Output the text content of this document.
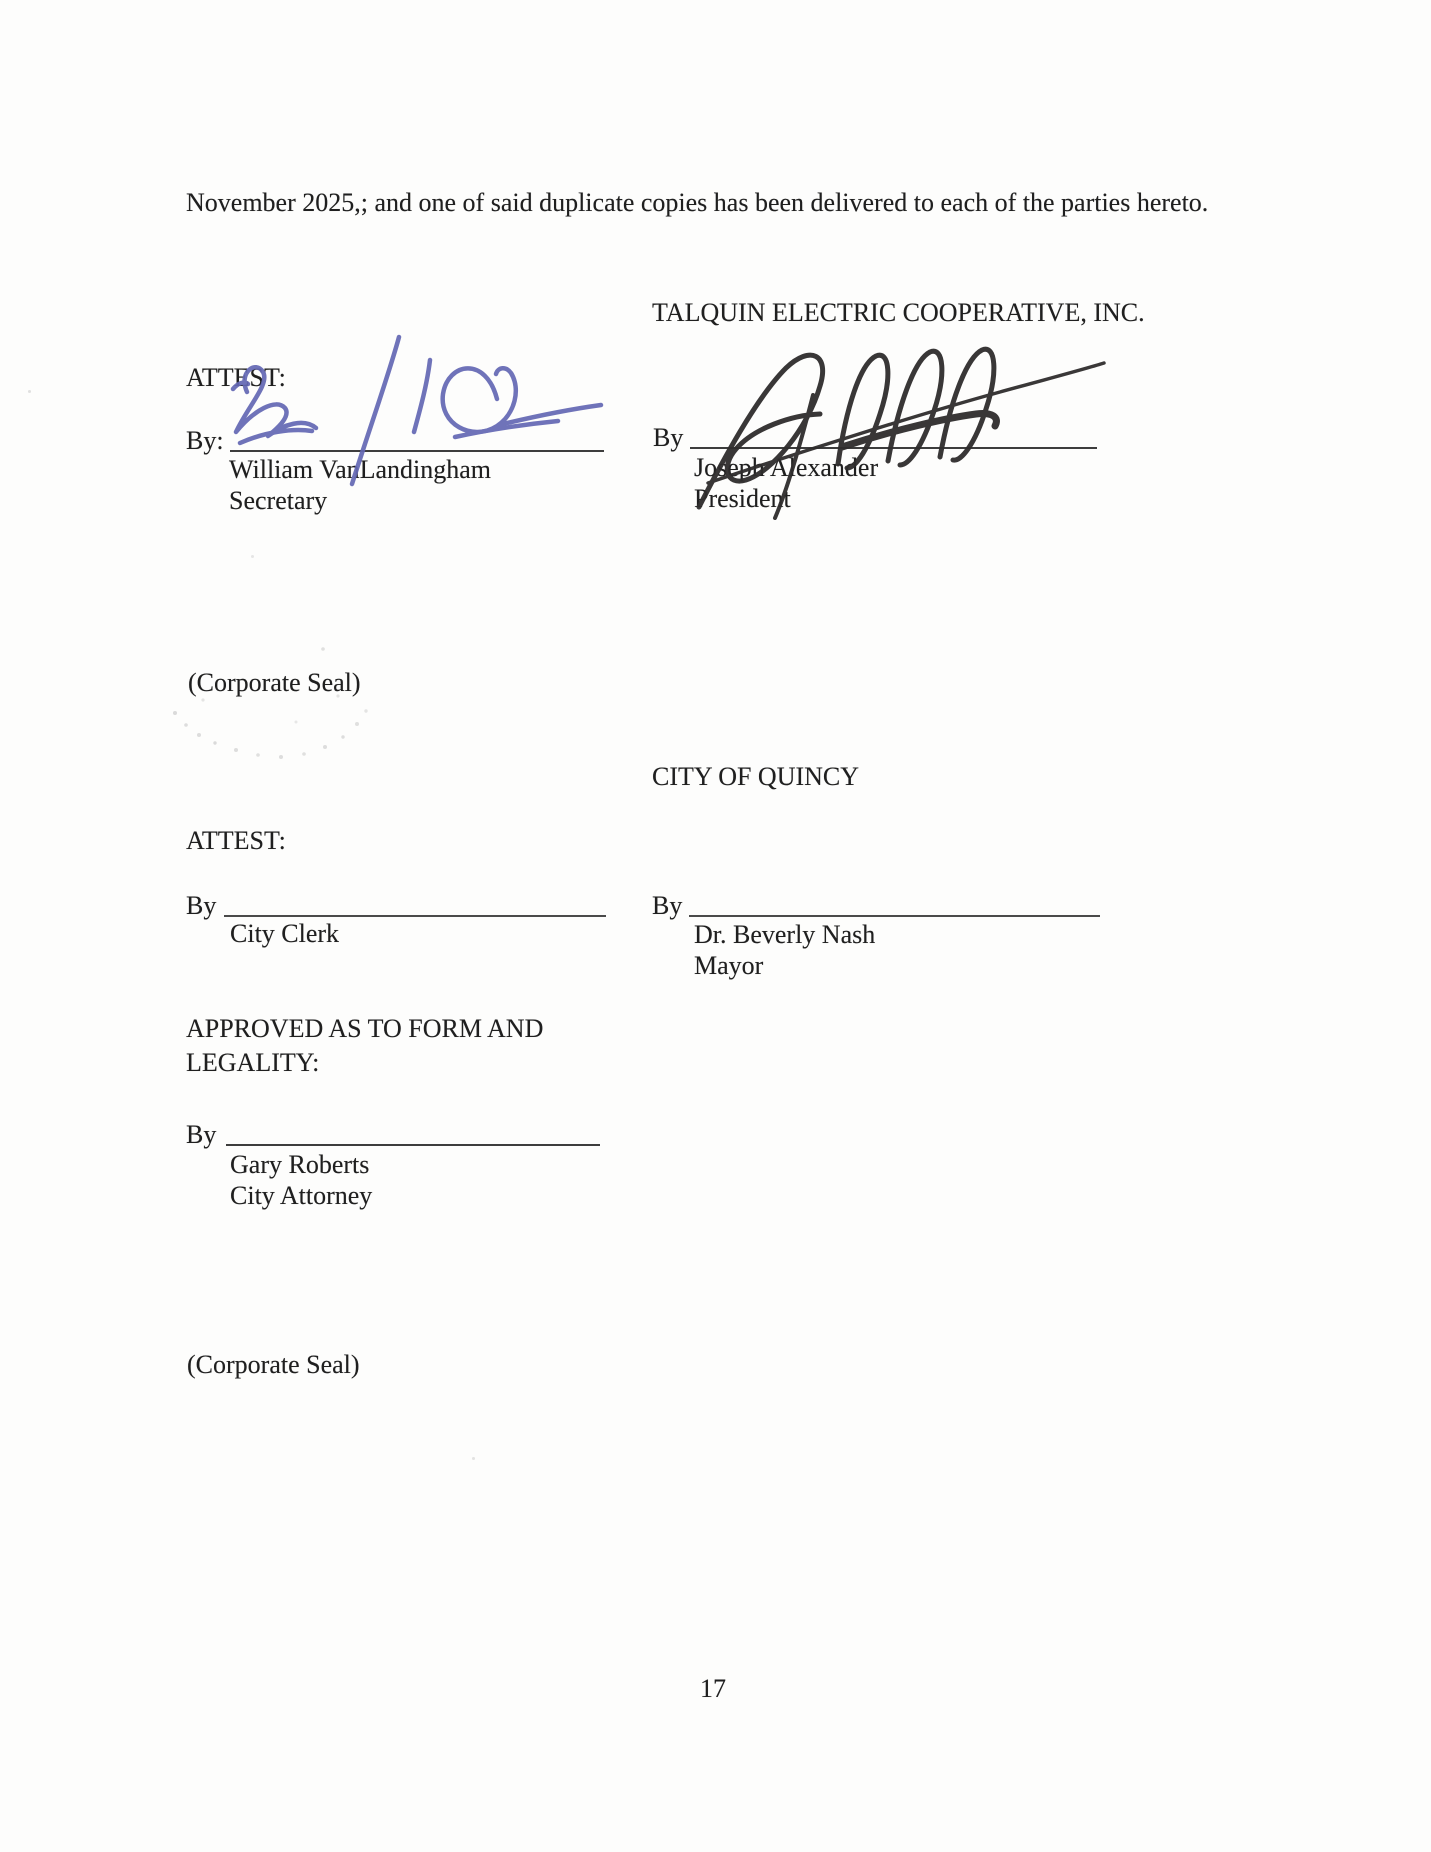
November 2025,; and one of said duplicate copies has been delivered to each of the parties hereto.
TALQUIN ELECTRIC COOPERATIVE, INC.
ATTEST:
By:
William VanLandingham
Secretary
By
Joseph Alexander
President
(Corporate Seal)
CITY OF QUINCY
ATTEST:
By
City Clerk
By
Dr. Beverly Nash
Mayor
APPROVED AS TO FORM AND
LEGALITY:
By
Gary Roberts
City Attorney
(Corporate Seal)
17
